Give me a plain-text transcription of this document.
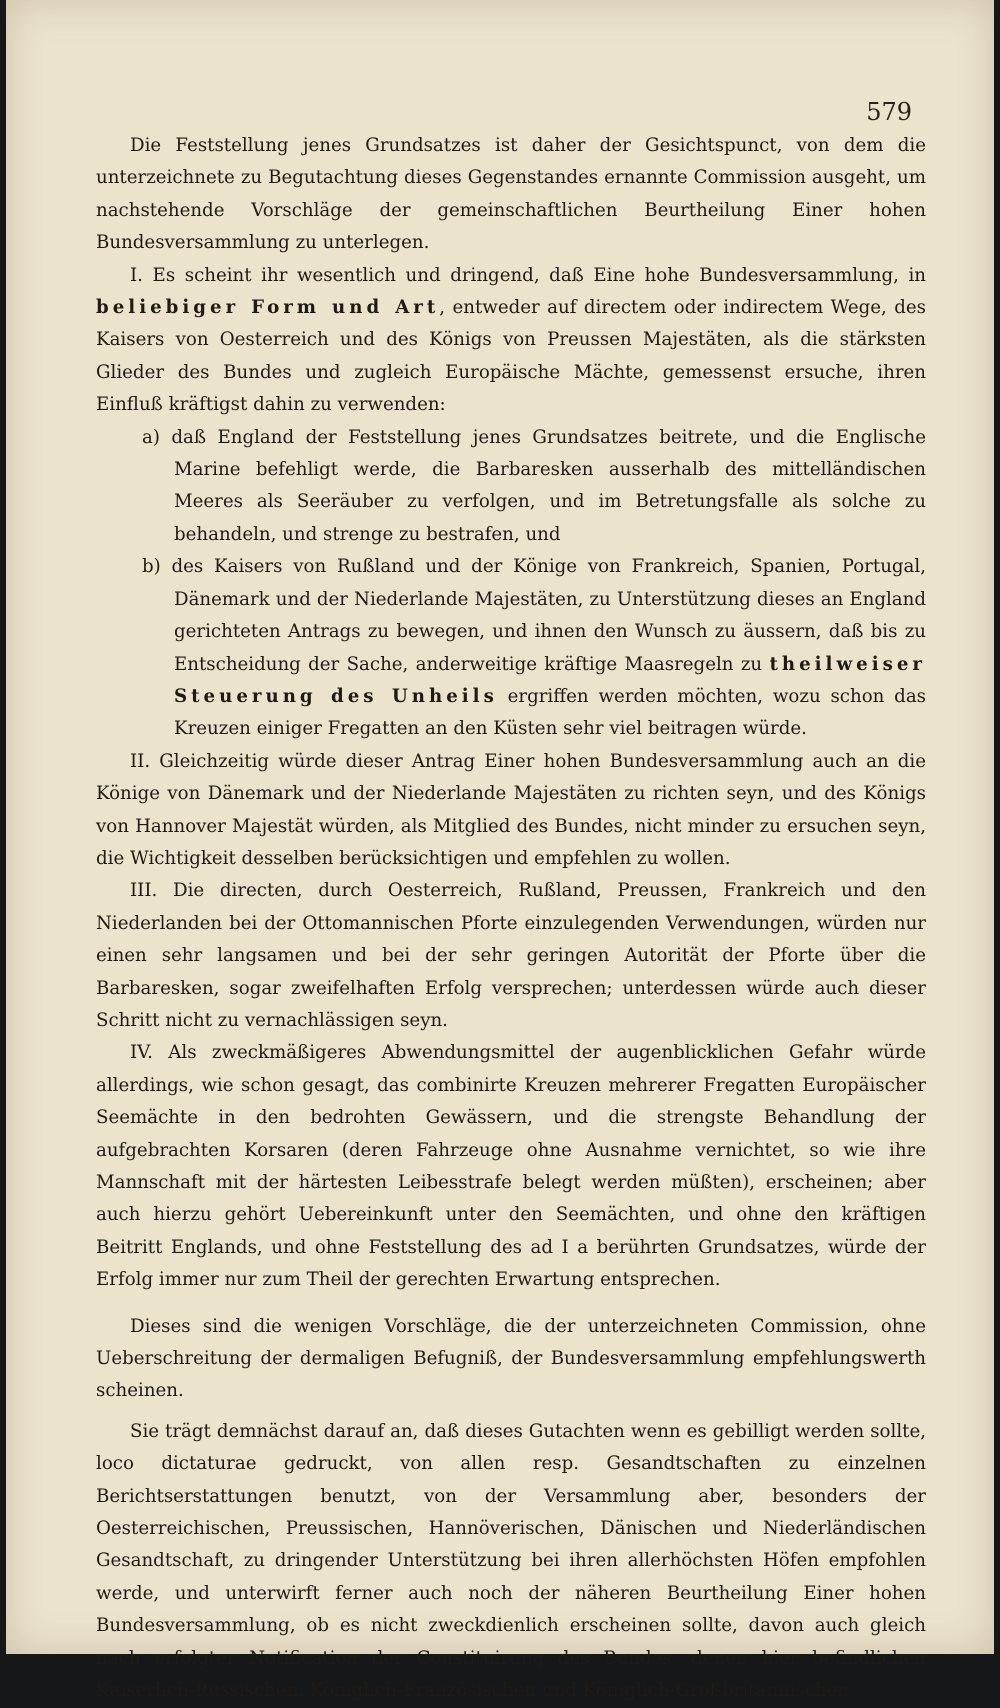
579

Die Feststellung jenes Grundsatzes ist daher der Gesichtspunct, von dem die unterzeichnete zu Begutachtung dieses Gegenstandes ernannte Commission ausgeht, um nachstehende Vorschläge der gemeinschaftlichen Beurtheilung Einer hohen Bundesversammlung zu unterlegen.

I. Es scheint ihr wesentlich und dringend, daß Eine hohe Bundesversammlung, in beliebiger Form und Art, entweder auf directem oder indirectem Wege, des Kaisers von Oesterreich und des Königs von Preussen Majestäten, als die stärksten Glieder des Bundes und zugleich Europäische Mächte, gemessenst ersuche, ihren Einfluß kräftigst dahin zu verwenden:

a) daß England der Feststellung jenes Grundsatzes beitrete, und die Englische Marine befehligt werde, die Barbaresken ausserhalb des mittelländischen Meeres als Seeräuber zu verfolgen, und im Betretungsfalle als solche zu behandeln, und strenge zu bestrafen, und

b) des Kaisers von Rußland und der Könige von Frankreich, Spanien, Portugal, Dänemark und der Niederlande Majestäten, zu Unterstützung dieses an England gerichteten Antrags zu bewegen, und ihnen den Wunsch zu äussern, daß bis zu Entscheidung der Sache, anderweitige kräftige Maasregeln zu theilweiser Steuerung des Unheils ergriffen werden möchten, wozu schon das Kreuzen einiger Fregatten an den Küsten sehr viel beitragen würde.

II. Gleichzeitig würde dieser Antrag Einer hohen Bundesversammlung auch an die Könige von Dänemark und der Niederlande Majestäten zu richten seyn, und des Königs von Hannover Majestät würden, als Mitglied des Bundes, nicht minder zu ersuchen seyn, die Wichtigkeit desselben berücksichtigen und empfehlen zu wollen.

III. Die directen, durch Oesterreich, Rußland, Preussen, Frankreich und den Niederlanden bei der Ottomannischen Pforte einzulegenden Verwendungen, würden nur einen sehr langsamen und bei der sehr geringen Autorität der Pforte über die Barbaresken, sogar zweifelhaften Erfolg versprechen; unterdessen würde auch dieser Schritt nicht zu vernachlässigen seyn.

IV. Als zweckmäßigeres Abwendungsmittel der augenblicklichen Gefahr würde allerdings, wie schon gesagt, das combinirte Kreuzen mehrerer Fregatten Europäischer Seemächte in den bedrohten Gewässern, und die strengste Behandlung der aufgebrachten Korsaren (deren Fahrzeuge ohne Ausnahme vernichtet, so wie ihre Mannschaft mit der härtesten Leibesstrafe belegt werden müßten), erscheinen; aber auch hierzu gehört Uebereinkunft unter den Seemächten, und ohne den kräftigen Beitritt Englands, und ohne Feststellung des ad I a berührten Grundsatzes, würde der Erfolg immer nur zum Theil der gerechten Erwartung entsprechen.

Dieses sind die wenigen Vorschläge, die der unterzeichneten Commission, ohne Ueberschreitung der dermaligen Befugniß, der Bundesversammlung empfehlungswerth scheinen.

Sie trägt demnächst darauf an, daß dieses Gutachten wenn es gebilligt werden sollte, loco dictaturae gedruckt, von allen resp. Gesandtschaften zu einzelnen Berichtserstattungen benutzt, von der Versammlung aber, besonders der Oesterreichischen, Preussischen, Hannöverischen, Dänischen und Niederländischen Gesandtschaft, zu dringender Unterstützung bei ihren allerhöchsten Höfen empfohlen werde, und unterwirft ferner auch noch der näheren Beurtheilung Einer hohen Bundesversammlung, ob es nicht zweckdienlich erscheinen sollte, davon auch gleich nach erfolgter Notification der Constituirung des Bundes, denen hier befindlichen Kaiserlich-Russischen, Königlich-Französischen und Königlich-Großbritannischen
